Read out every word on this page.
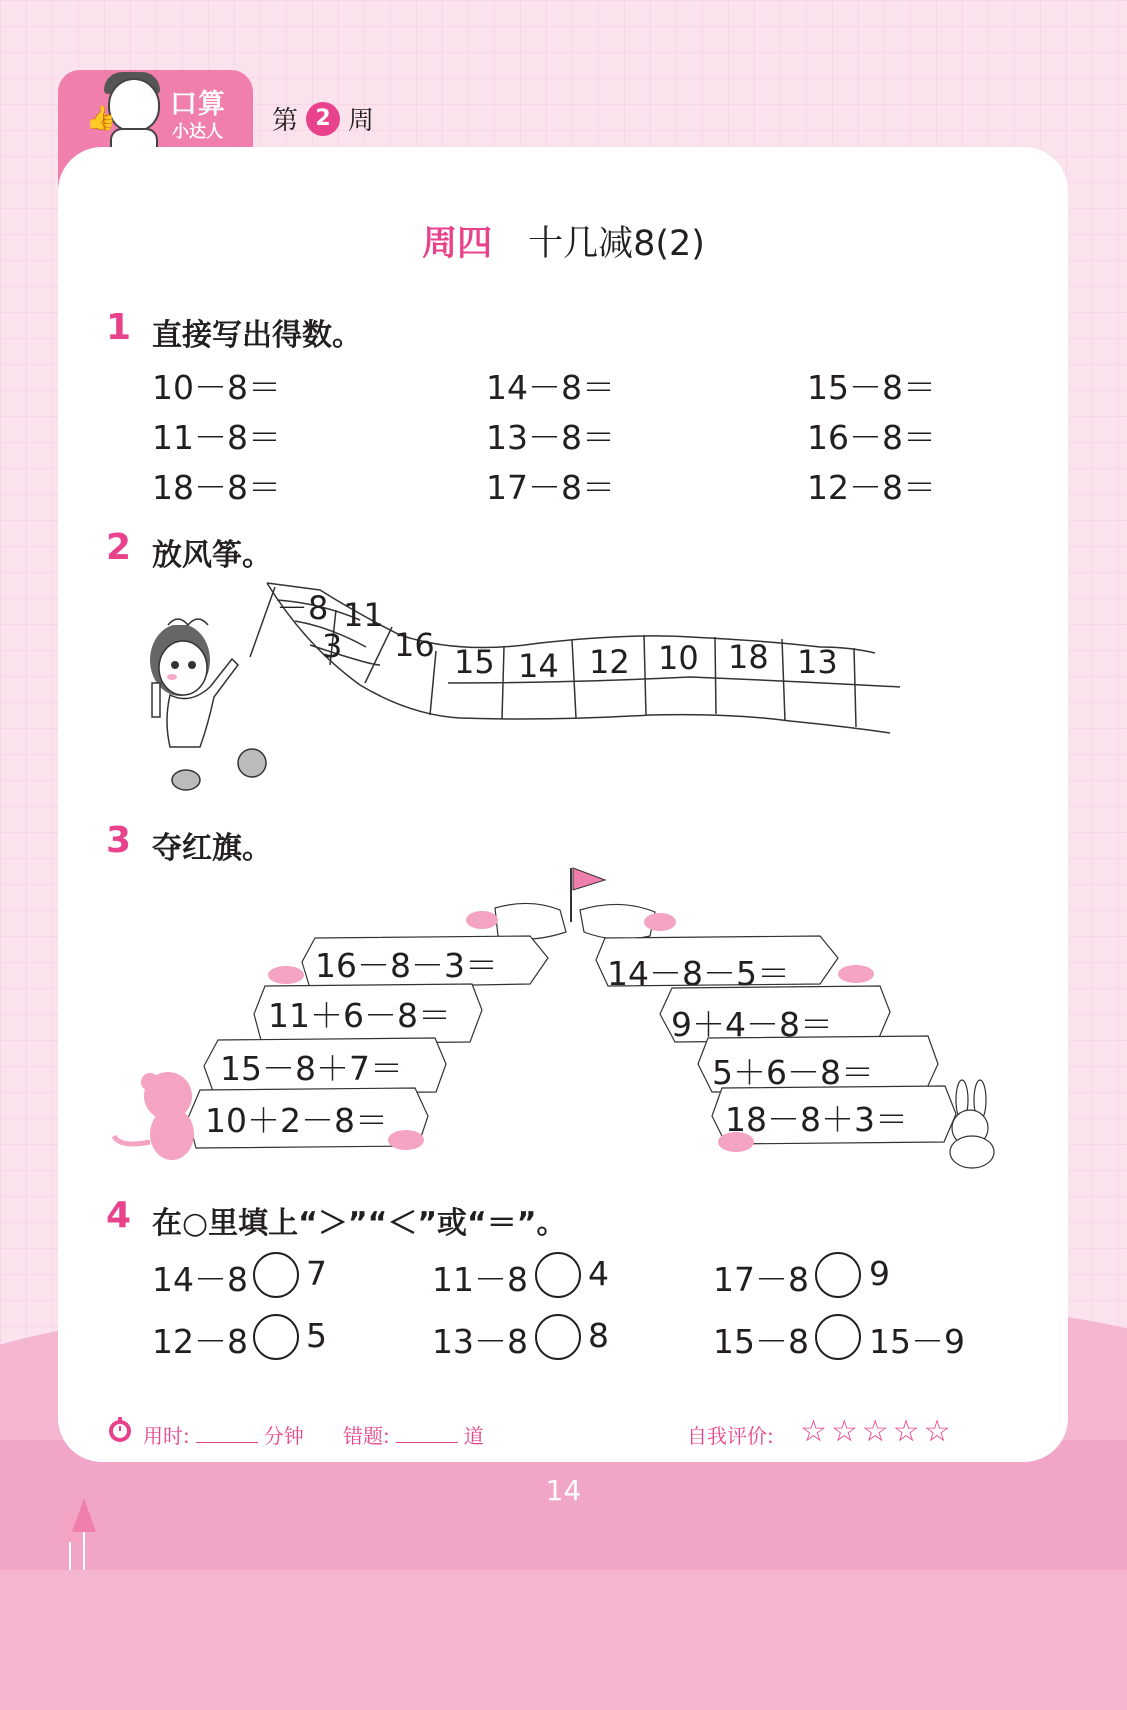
👍 口算
小达人 第 2 周
周四 十几减8(2)
1 直接写出得数。
10－8＝	14－8＝	15－8＝
11－8＝	13－8＝	16－8＝
18－8＝	17－8＝	12－8＝
2 放风筝。
－8 11
3 16 15 14 12 10 18 13
3 夺红旗。
16－8－3＝
11＋6－8＝
15－8＋7＝
10＋2－8＝
14－8－5＝
9＋4－8＝
5＋6－8＝
18－8＋3＝
4 在○里填上“＞”“＜”或“＝”。
14－8 7	11－8 4	17－8 9
12－8 5	13－8 8	15－8 15－9
用时:	分钟 错题:	道	自我评价: ☆☆☆☆☆
14
